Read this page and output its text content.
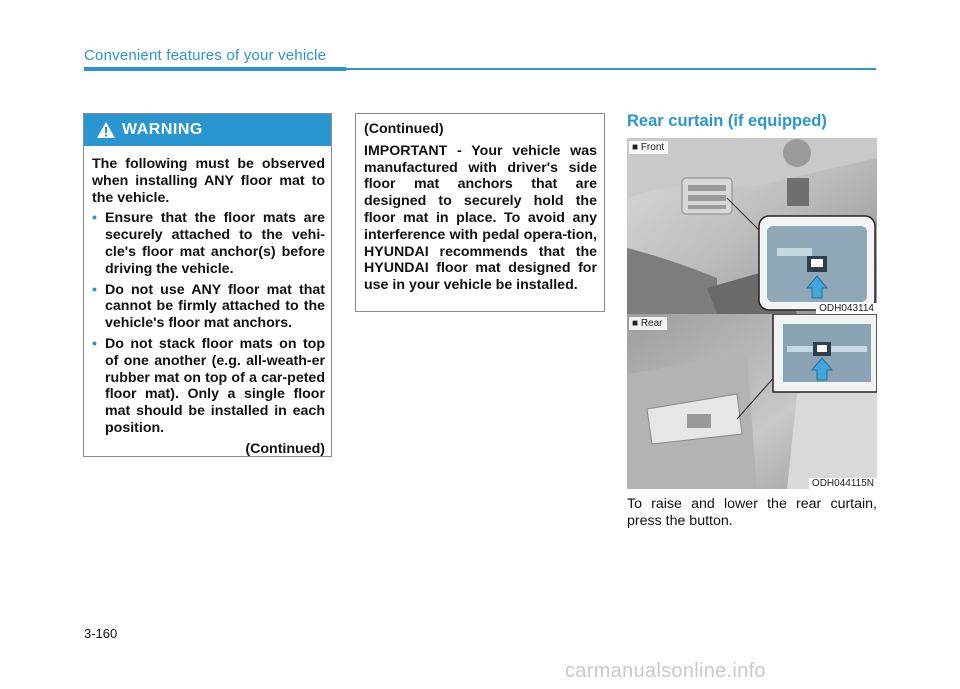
Convenient features of your vehicle
WARNING

The following must be observed when installing ANY floor mat to the vehicle.

• Ensure that the floor mats are securely attached to the vehi-cle's floor mat anchor(s) before driving the vehicle.
• Do not use ANY floor mat that cannot be firmly attached to the vehicle's floor mat anchors.
• Do not stack floor mats on top of one another (e.g. all-weath-er rubber mat on top of a car-peted floor mat). Only a single floor mat should be installed in each position.

(Continued)

(Continued)

IMPORTANT - Your vehicle was manufactured with driver's side floor mat anchors that are designed to securely hold the floor mat in place. To avoid any interference with pedal opera-tion, HYUNDAI recommends that the HYUNDAI floor mat designed for use in your vehicle be installed.

Rear curtain (if equipped)
■ Front
ODH043114
■ Rear
ODH044115N
To raise and lower the rear curtain, press the button.
3-160
carmanualsonline.info
